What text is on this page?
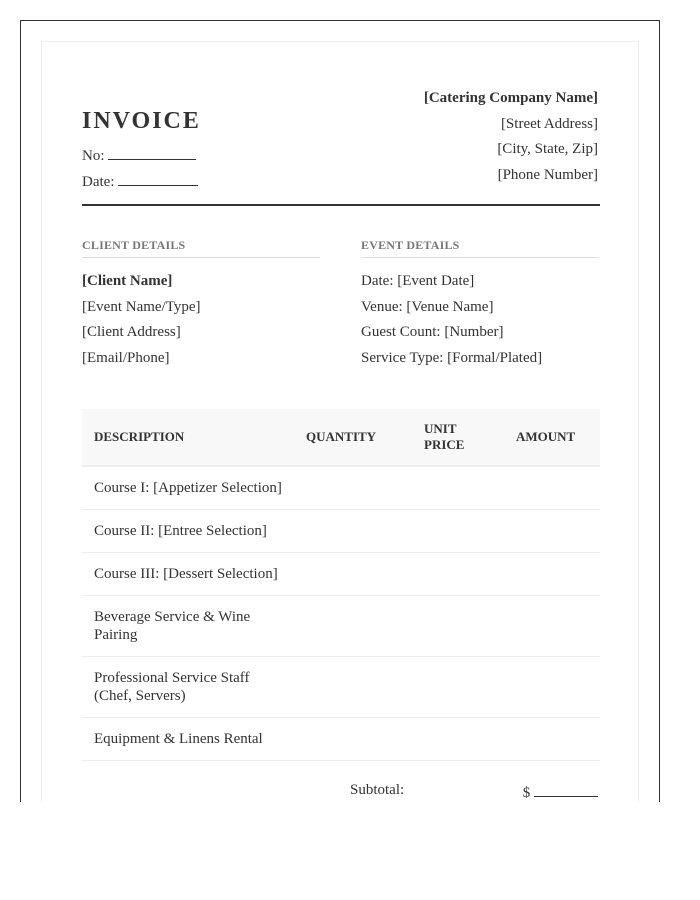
INVOICE
No:
Date:
[Catering Company Name]
[Street Address]
[City, State, Zip]
[Phone Number]
CLIENT DETAILS
[Client Name]
[Event Name/Type]
[Client Address]
[Email/Phone]
EVENT DETAILS
Date: [Event Date]
Venue: [Venue Name]
Guest Count: [Number]
Service Type: [Formal/Plated]
DESCRIPTION	QUANTITY	UNIT PRICE	AMOUNT
Course I: [Appetizer Selection]			
Course II: [Entree Selection]			
Course III: [Dessert Selection]			
Beverage Service & Wine Pairing			
Professional Service Staff (Chef, Servers)			
Equipment & Linens Rental			
Subtotal:	$
